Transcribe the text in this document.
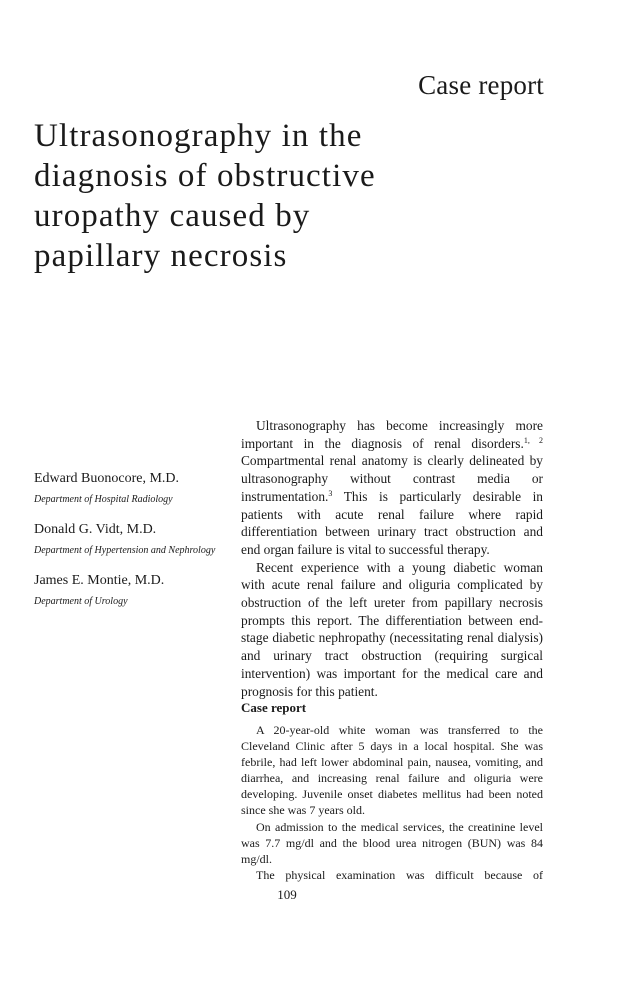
Case report
Ultrasonography in the
diagnosis of obstructive
uropathy caused by
papillary necrosis
Edward Buonocore, M.D.
Department of Hospital Radiology
Donald G. Vidt, M.D.
Department of Hypertension and Nephrology
James E. Montie, M.D.
Department of Urology

Ultrasonography has become increasingly more important in the diagnosis of renal disorders.$^{1, 2}$ Compartmental renal anatomy is clearly delineated by ultrasonography without contrast media or instrumentation.$^3$ This is particularly desirable in patients with acute renal failure where rapid differentiation between urinary tract obstruction and end organ failure is vital to successful therapy.

Recent experience with a young diabetic woman with acute renal failure and oliguria complicated by obstruction of the left ureter from papillary necrosis prompts this report. The differentiation between end-stage diabetic nephropathy (necessitating renal dialysis) and urinary tract obstruction (requiring surgical intervention) was important for the medical care and prognosis for this patient.

Case report

A 20-year-old white woman was transferred to the Cleveland Clinic after 5 days in a local hospital. She was febrile, had left lower abdominal pain, nausea, vomiting, and diarrhea, and increasing renal failure and oliguria were developing. Juvenile onset diabetes mellitus had been noted since she was 7 years old.

On admission to the medical services, the creatinine level was 7.7 mg/dl and the blood urea nitrogen (BUN) was 84 mg/dl.

The physical examination was difficult because of

109
